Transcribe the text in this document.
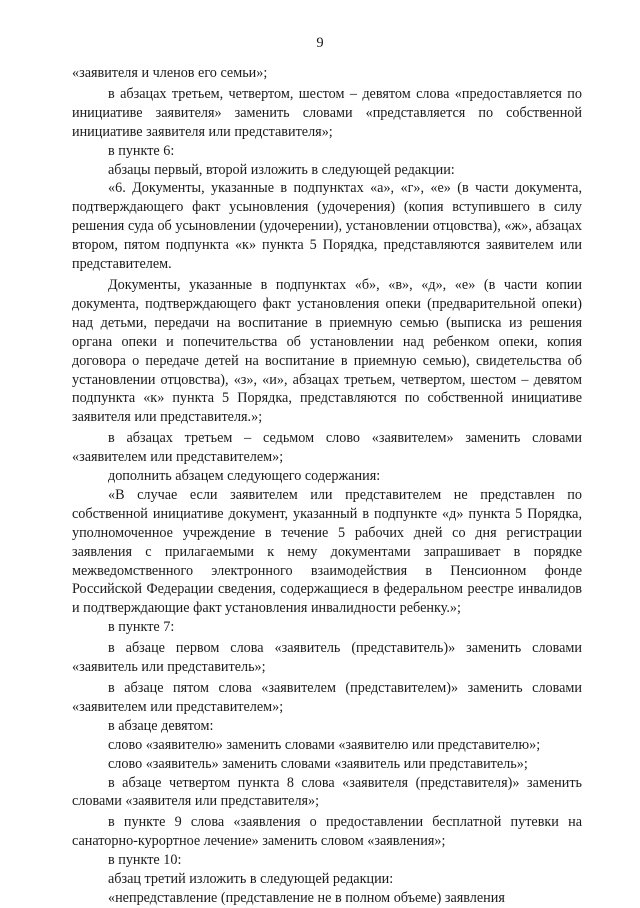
9

«заявителя и членов его семьи»;

в абзацах третьем, четвертом, шестом – девятом слова «предоставляется по инициативе заявителя» заменить словами «представляется по собственной инициативе заявителя или представителя»;

в пункте 6:

абзацы первый, второй изложить в следующей редакции:

«6. Документы, указанные в подпунктах «а», «г», «е» (в части документа, подтверждающего факт усыновления (удочерения) (копия вступившего в силу решения суда об усыновлении (удочерении), установлении отцовства), «ж», абзацах втором, пятом подпункта «к» пункта 5 Порядка, представляются заявителем или представителем.

Документы, указанные в подпунктах «б», «в», «д», «е» (в части копии документа, подтверждающего факт установления опеки (предварительной опеки) над детьми, передачи на воспитание в приемную семью (выписка из решения органа опеки и попечительства об установлении над ребенком опеки, копия договора о передаче детей на воспитание в приемную семью), свидетельства об установлении отцовства), «з», «и», абзацах третьем, четвертом, шестом – девятом подпункта «к» пункта 5 Порядка, представляются по собственной инициативе заявителя или представителя.»;

в абзацах третьем – седьмом слово «заявителем» заменить словами «заявителем или представителем»;

дополнить абзацем следующего содержания:

«В случае если заявителем или представителем не представлен по собственной инициативе документ, указанный в подпункте «д» пункта 5 Порядка, уполномоченное учреждение в течение 5 рабочих дней со дня регистрации заявления с прилагаемыми к нему документами запрашивает в порядке межведомственного электронного взаимодействия в Пенсионном фонде Российской Федерации сведения, содержащиеся в федеральном реестре инвалидов и подтверждающие факт установления инвалидности ребенку.»;

в пункте 7:

в абзаце первом слова «заявитель (представитель)» заменить словами «заявитель или представитель»;

в абзаце пятом слова «заявителем (представителем)» заменить словами «заявителем или представителем»;

в абзаце девятом:

слово «заявителю» заменить словами «заявителю или представителю»;

слово «заявитель» заменить словами «заявитель или представитель»;

в абзаце четвертом пункта 8 слова «заявителя (представителя)» заменить словами «заявителя или представителя»;

в пункте 9 слова «заявления о предоставлении бесплатной путевки на санаторно-курортное лечение» заменить словом «заявления»;

в пункте 10:

абзац третий изложить в следующей редакции:

«непредставление (представление не в полном объеме) заявления
